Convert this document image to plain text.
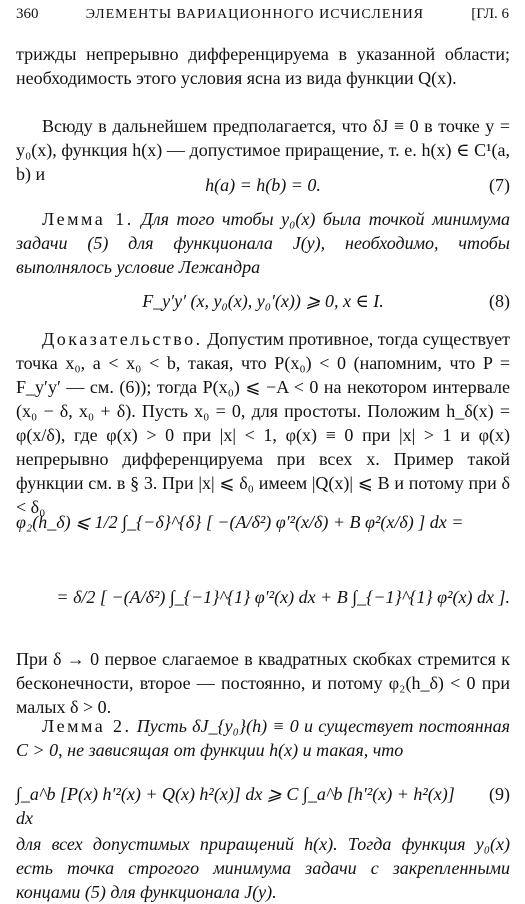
360	ЭЛЕМЕНТЫ ВАРИАЦИОННОГО ИСЧИСЛЕНИЯ	[ГЛ. 6
трижды непрерывно дифференцируема в указанной области; необходимость этого условия ясна из вида функции Q(x).
Всюду в дальнейшем предполагается, что δJ ≡ 0 в точке y = y₀(x), функция h(x) — допустимое приращение, т. е. h(x) ∈ C¹(a, b) и
h(a) = h(b) = 0.	(7)
Лемма 1. Для того чтобы y₀(x) была точкой минимума задачи (5) для функционала J(y), необходимо, чтобы выполнялось условие Лежандра
F_y′y′ (x, y₀(x), y₀′(x)) ⩾ 0, x ∈ I.	(8)
Доказательство. Допустим противное, тогда существует точка x₀, a < x₀ < b, такая, что P(x₀) < 0 (напомним, что P = F_y′y′ — см. (6)); тогда P(x₀) ⩽ −A < 0 на некотором интервале (x₀ − δ, x₀ + δ). Пусть x₀ = 0, для простоты. Положим h_δ(x) = φ(x/δ), где φ(x) > 0 при |x| < 1, φ(x) ≡ 0 при |x| > 1 и φ(x) непрерывно дифференцируема при всех x. Пример такой функции см. в § 3. При |x| ⩽ δ₀ имеем |Q(x)| ⩽ B и потому при δ < δ₀
φ₂(h_δ) ⩽ 1/2 ∫_{−δ}^{δ} [ −(A/δ²) φ′²(x/δ) + B φ²(x/δ) ] dx =
= δ/2 [ −(A/δ²) ∫_{−1}^{1} φ′²(x) dx + B ∫_{−1}^{1} φ²(x) dx ].
При δ → 0 первое слагаемое в квадратных скобках стремится к бесконечности, второе — постоянно, и потому φ₂(h_δ) < 0 при малых δ > 0.
Лемма 2. Пусть δJ_{y₀}(h) ≡ 0 и существует постоянная C > 0, не зависящая от функции h(x) и такая, что
∫_a^b [P(x) h′²(x) + Q(x) h²(x)] dx ⩾ C ∫_a^b [h′²(x) + h²(x)] dx
(9)
для всех допустимых приращений h(x). Тогда функция y₀(x) есть точка строгого минимума задачи с закрепленными концами (5) для функционала J(y).
